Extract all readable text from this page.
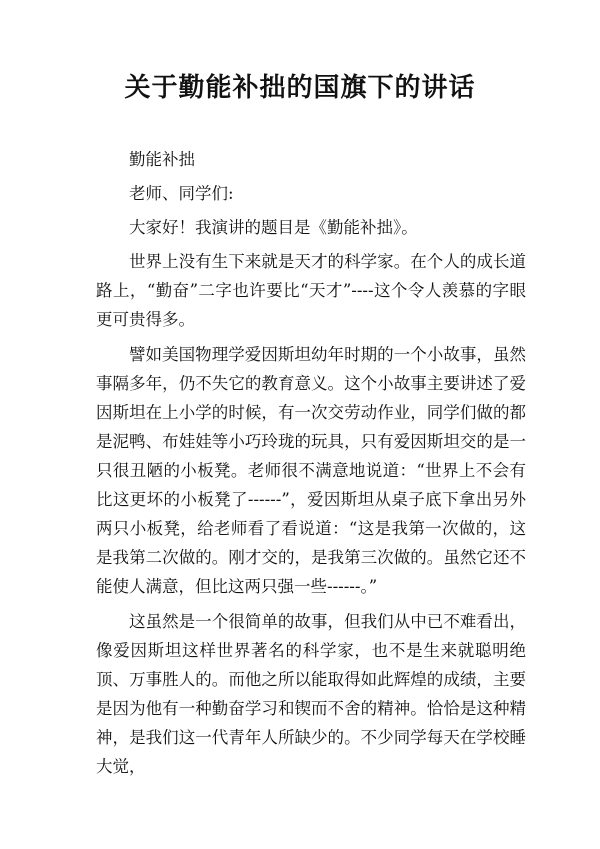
关于勤能补拙的国旗下的讲话

勤能补拙

老师、同学们:

大家好！我演讲的题目是《勤能补拙》。

世界上没有生下来就是天才的科学家。在个人的成长道路上，“勤奋”二字也许要比“天才”----这个令人羡慕的字眼更可贵得多。

譬如美国物理学爱因斯坦幼年时期的一个小故事，虽然事隔多年，仍不失它的教育意义。这个小故事主要讲述了爱因斯坦在上小学的时候，有一次交劳动作业，同学们做的都是泥鸭、布娃娃等小巧玲珑的玩具，只有爱因斯坦交的是一只很丑陋的小板凳。老师很不满意地说道：“世界上不会有比这更坏的小板凳了------”，爱因斯坦从桌子底下拿出另外两只小板凳，给老师看了看说道：“这是我第一次做的，这是我第二次做的。刚才交的，是我第三次做的。虽然它还不能使人满意，但比这两只强一些------。”

这虽然是一个很简单的故事，但我们从中已不难看出，像爱因斯坦这样世界著名的科学家，也不是生来就聪明绝顶、万事胜人的。而他之所以能取得如此辉煌的成绩，主要是因为他有一种勤奋学习和锲而不舍的精神。恰恰是这种精神，是我们这一代青年人所缺少的。不少同学每天在学校睡大觉，
